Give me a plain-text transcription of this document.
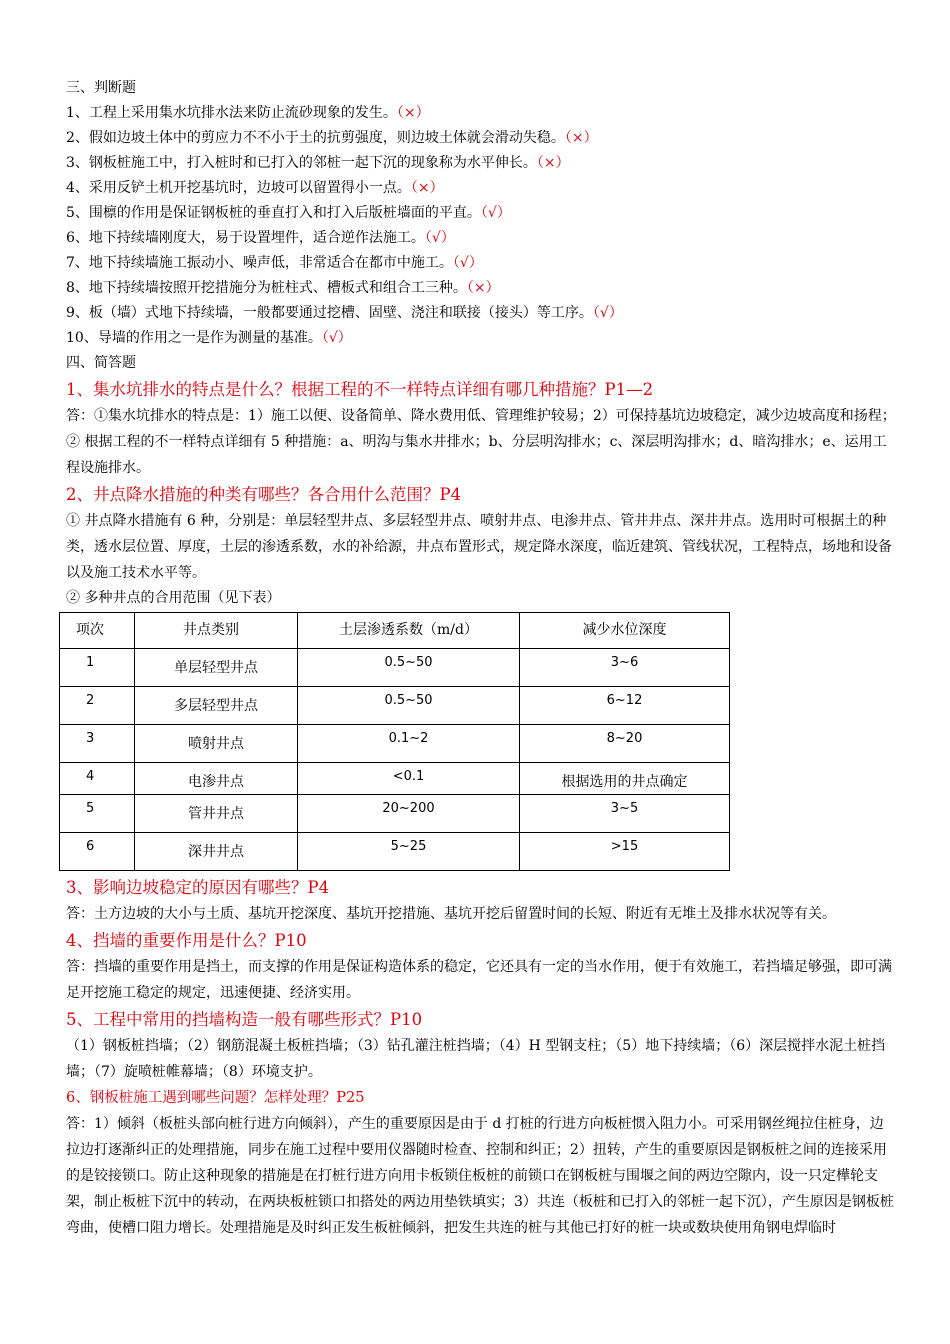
三、判断题
1、工程上采用集水坑排水法来防止流砂现象的发生。（×）
2、假如边坡土体中的剪应力不不小于土的抗剪强度，则边坡土体就会滑动失稳。（×）
3、钢板桩施工中，打入桩时和已打入的邻桩一起下沉的现象称为水平伸长。（×）
4、采用反铲土机开挖基坑时，边坡可以留置得小一点。（×）
5、围檩的作用是保证钢板桩的垂直打入和打入后版桩墙面的平直。（√）
6、地下持续墙刚度大，易于设置埋件，适合逆作法施工。（√）
7、地下持续墙施工振动小、噪声低，非常适合在都市中施工。（√）
8、地下持续墙按照开挖措施分为桩柱式、槽板式和组合工三种。（×）
9、板（墙）式地下持续墙，一般都要通过挖槽、固壁、浇注和联接（接头）等工序。（√）
10、导墙的作用之一是作为测量的基准。（√）
四、简答题
1、集水坑排水的特点是什么？根据工程的不一样特点详细有哪几种措施？P1—2
答：①集水坑排水的特点是：1）施工以便、设备简单、降水费用低、管理维护较易；2）可保持基坑边坡稳定，减少边坡高度和扬程；
② 根据工程的不一样特点详细有 5 种措施：a、明沟与集水井排水；b、分层明沟排水；c、深层明沟排水；d、暗沟排水；e、运用工程设施排水。
2、井点降水措施的种类有哪些？各合用什么范围？P4
① 井点降水措施有 6 种，分别是：单层轻型井点、多层轻型井点、喷射井点、电渗井点、管井井点、深井井点。选用时可根据土的种类，透水层位置、厚度，土层的渗透系数，水的补给源，井点布置形式，规定降水深度，临近建筑、管线状况，工程特点，场地和设备以及施工技术水平等。
② 多种井点的合用范围（见下表）
项次	井点类别	土层渗透系数（m/d）	减少水位深度

1	单层轻型井点	0.5~50	3~6

2	多层轻型井点	0.5~50	6~12

3	喷射井点	0.1~2	8~20

4	电渗井点	<0.1	根据选用的井点确定

5	管井井点	20~200	3~5

6	深井井点	5~25	>15
3、影响边坡稳定的原因有哪些？P4
答：土方边坡的大小与土质、基坑开挖深度、基坑开挖措施、基坑开挖后留置时间的长短、附近有无堆土及排水状况等有关。
4、挡墙的重要作用是什么？P10
答：挡墙的重要作用是挡土，而支撑的作用是保证构造体系的稳定，它还具有一定的当水作用，便于有效施工，若挡墙足够强，即可满足开挖施工稳定的规定，迅速便捷、经济实用。
5、工程中常用的挡墙构造一般有哪些形式？P10
（1）钢板桩挡墙；（2）钢筋混凝土板桩挡墙；（3）钻孔灌注桩挡墙；（4）H 型钢支柱；（5）地下持续墙；（6）深层搅拌水泥土桩挡墙；（7）旋喷桩帷幕墙；（8）环境支护。
6、钢板桩施工遇到哪些问题？怎样处理？P25
答：1）倾斜（板桩头部向桩行进方向倾斜），产生的重要原因是由于 d 打桩的行进方向板桩惯入阻力小。可采用钢丝绳拉住桩身，边拉边打逐渐纠正的处理措施，同步在施工过程中要用仪器随时检查、控制和纠正；2）扭转，产生的重要原因是钢板桩之间的连接采用的是铰接锁口。防止这种现象的措施是在打桩行进方向用卡板锁住板桩的前锁口在钢板桩与围堰之间的两边空隙内，设一只定樺轮支架，制止板桩下沉中的转动，在两块板桩锁口扣搭处的两边用垫铁填实；3）共连（板桩和已打入的邻桩一起下沉），产生原因是钢板桩弯曲，使槽口阻力增长。处理措施是及时纠正发生板桩倾斜，把发生共连的桩与其他已打好的桩一块或数块使用角钢电焊临时
